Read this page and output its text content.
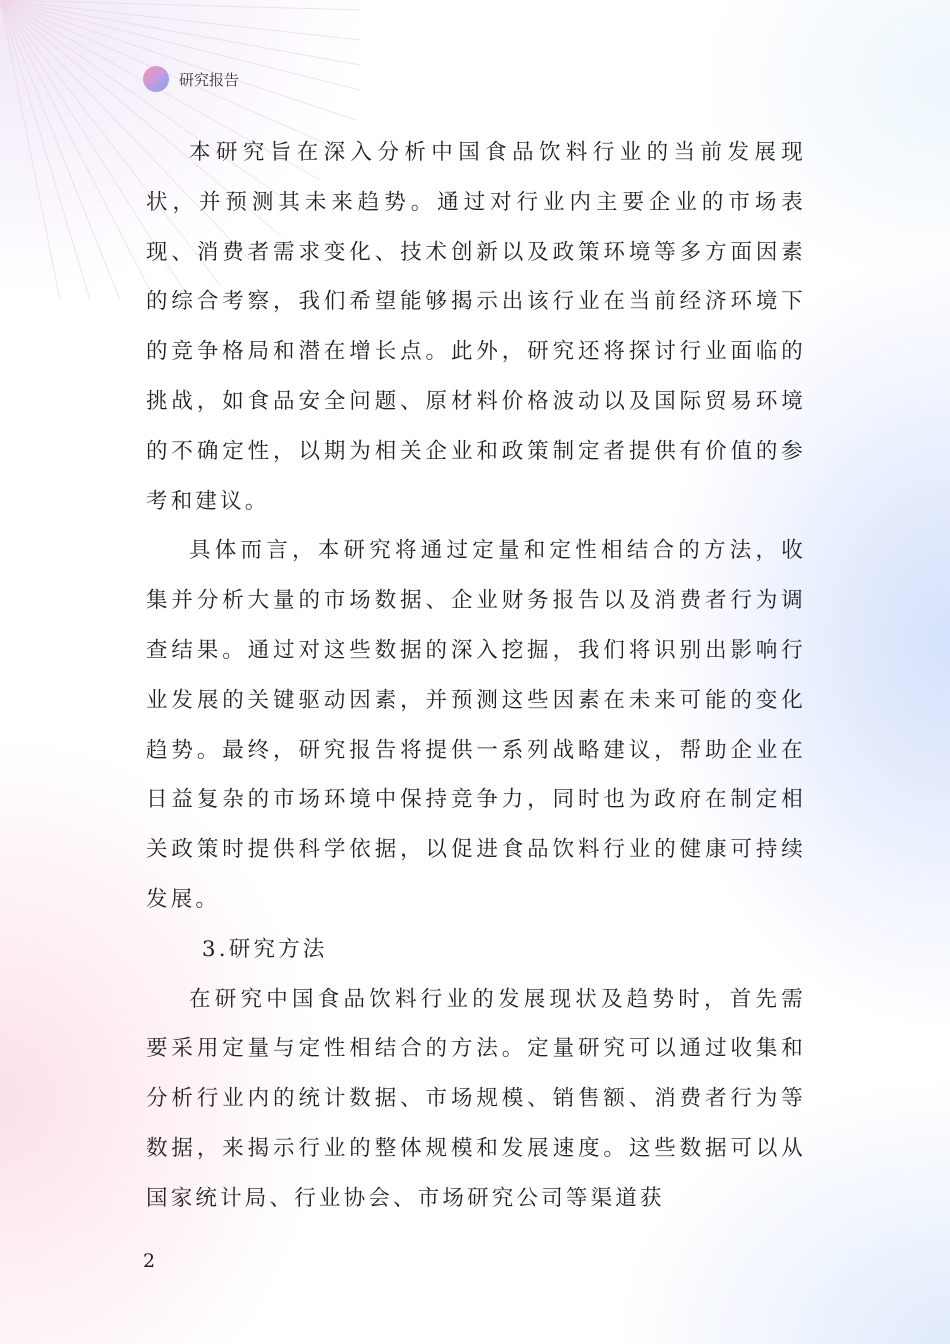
研究报告

本研究旨在深入分析中国食品饮料行业的当前发展现状，并预测其未来趋势。通过对行业内主要企业的市场表现、消费者需求变化、技术创新以及政策环境等多方面因素的综合考察，我们希望能够揭示出该行业在当前经济环境下的竞争格局和潜在增长点。此外，研究还将探讨行业面临的挑战，如食品安全问题、原材料价格波动以及国际贸易环境的不确定性，以期为相关企业和政策制定者提供有价值的参考和建议。

具体而言，本研究将通过定量和定性相结合的方法，收集并分析大量的市场数据、企业财务报告以及消费者行为调查结果。通过对这些数据的深入挖掘，我们将识别出影响行业发展的关键驱动因素，并预测这些因素在未来可能的变化趋势。最终，研究报告将提供一系列战略建议，帮助企业在日益复杂的市场环境中保持竞争力，同时也为政府在制定相关政策时提供科学依据，以促进食品饮料行业的健康可持续发展。

3.研究方法

在研究中国食品饮料行业的发展现状及趋势时，首先需要采用定量与定性相结合的方法。定量研究可以通过收集和分析行业内的统计数据、市场规模、销售额、消费者行为等数据，来揭示行业的整体规模和发展速度。这些数据可以从国家统计局、行业协会、市场研究公司等渠道获

2
